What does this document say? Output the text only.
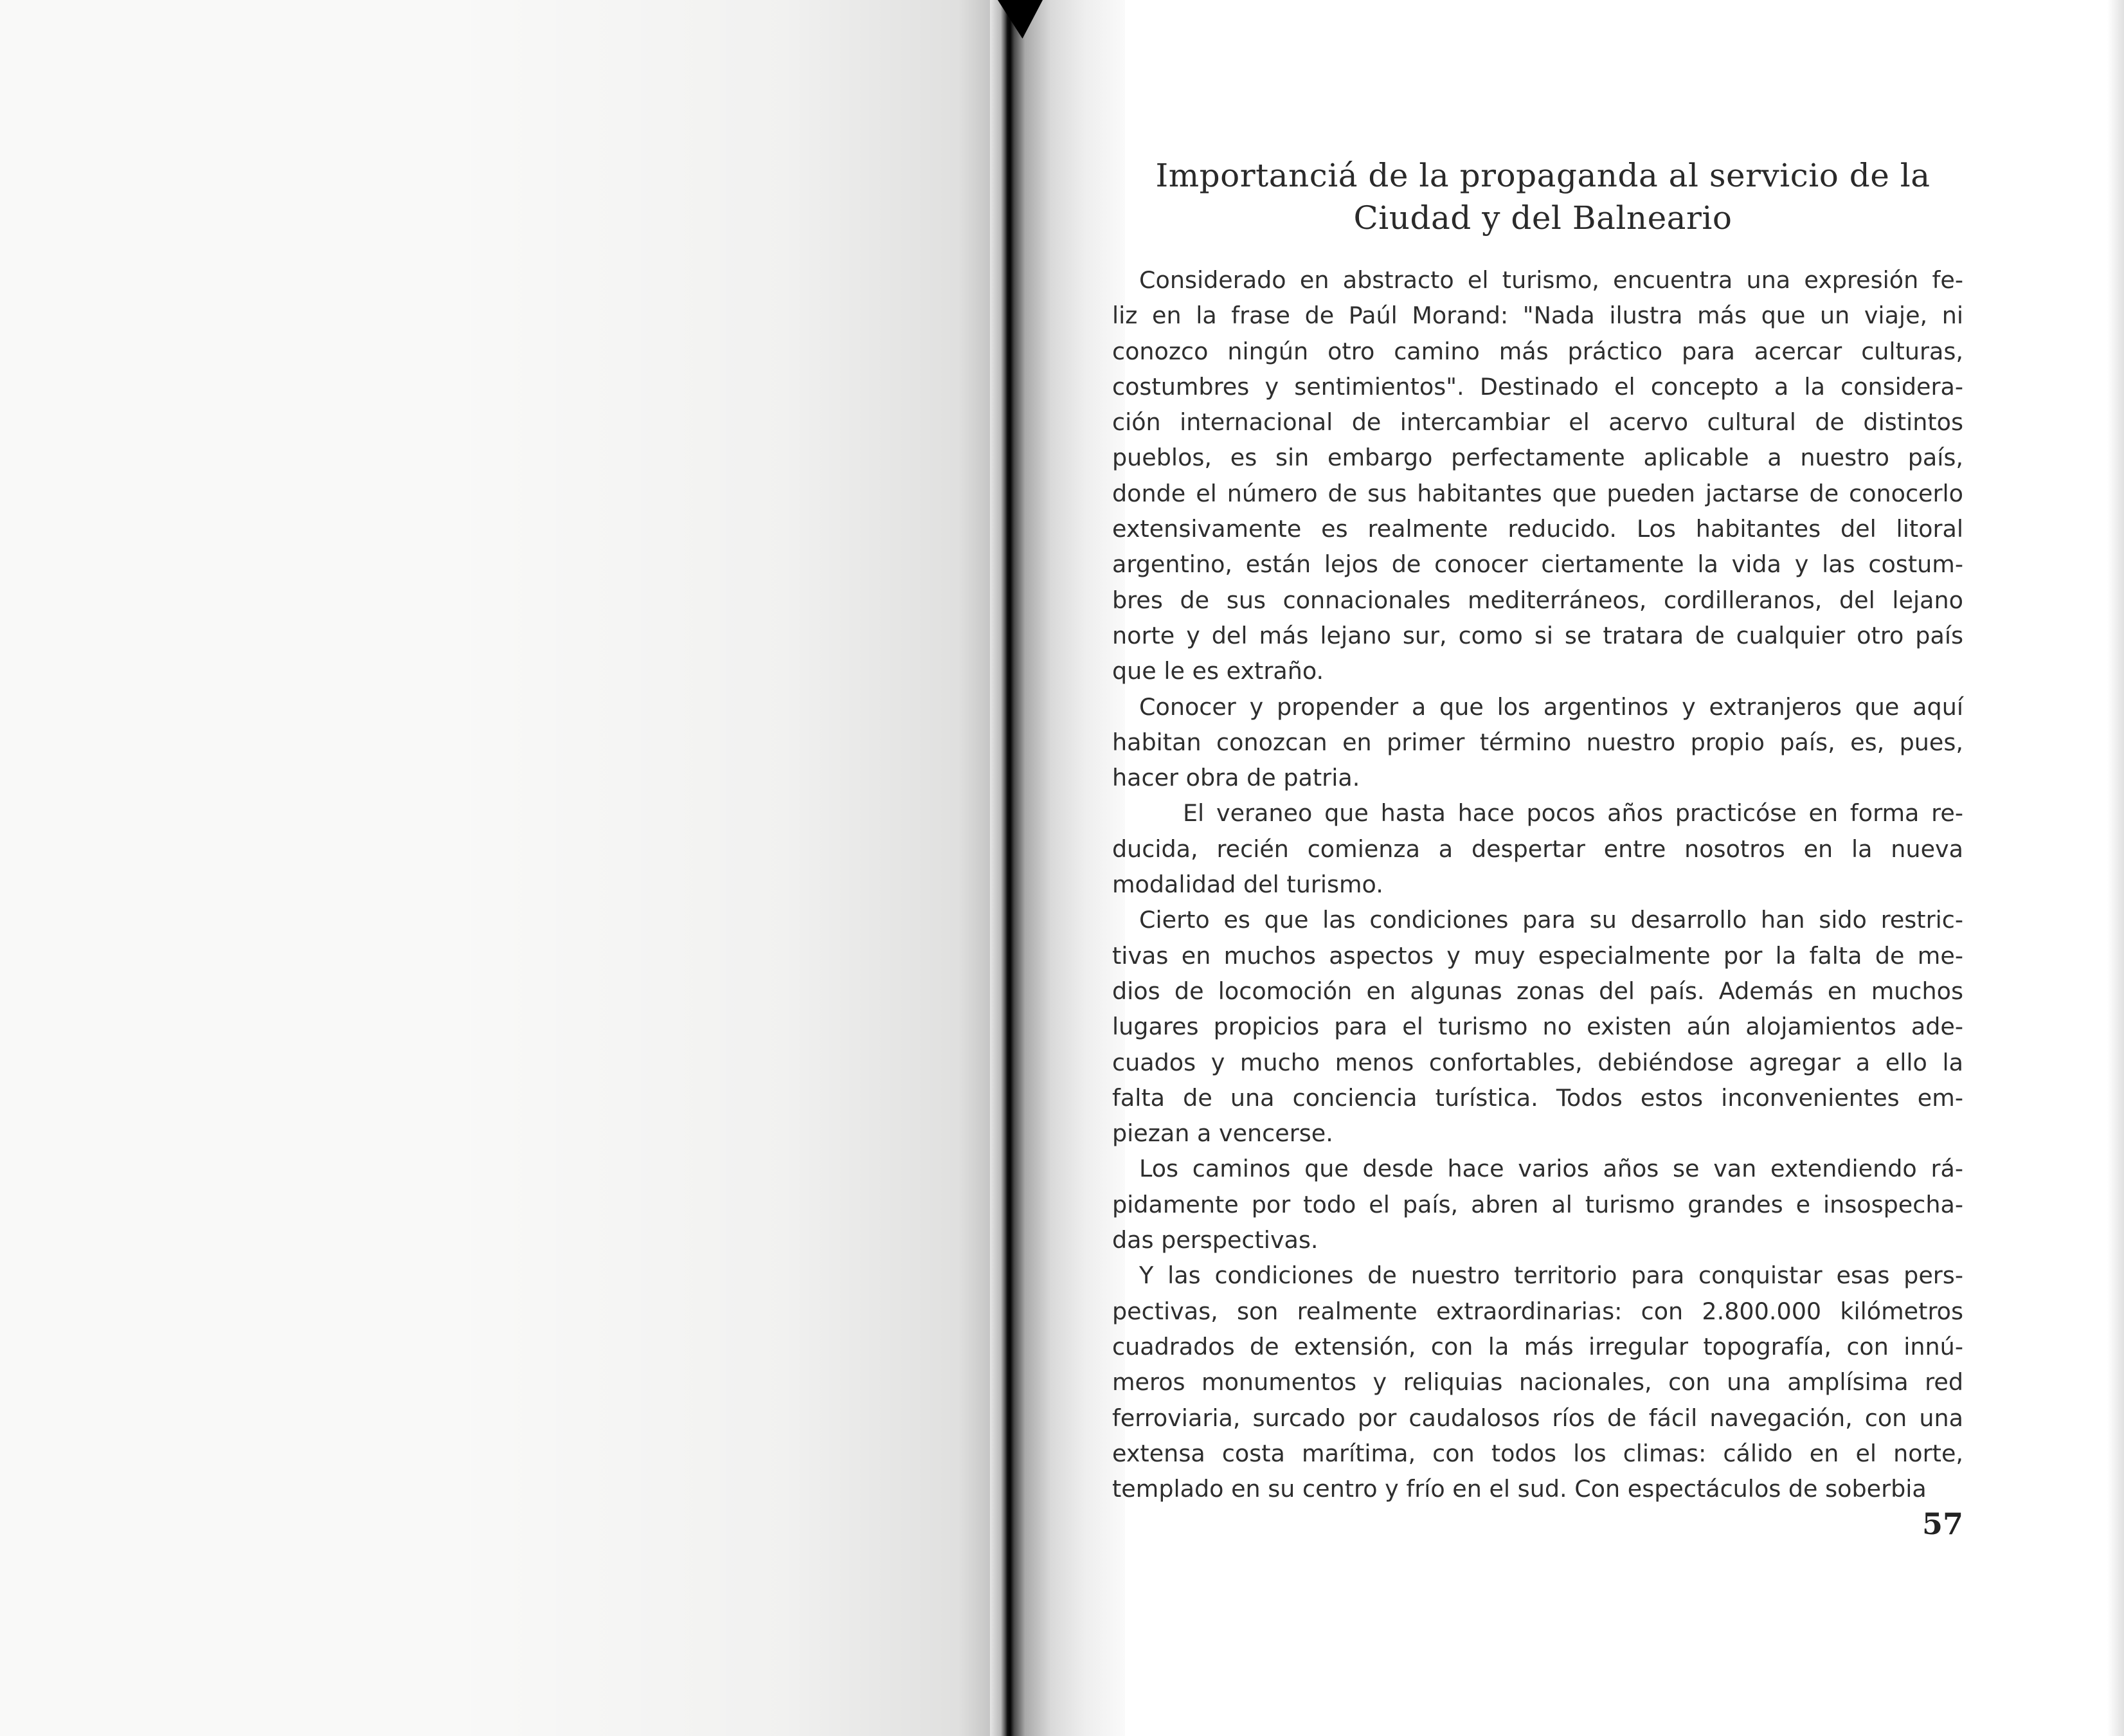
Importanciá de la propaganda al servicio de la
Ciudad y del Balneario
Considerado en abstracto el turismo, encuentra una expresión fe-
liz en la frase de Paúl Morand: "Nada ilustra más que un viaje, ni
conozco ningún otro camino más práctico para acercar culturas,
costumbres y sentimientos". Destinado el concepto a la considera-
ción internacional de intercambiar el acervo cultural de distintos
pueblos, es sin embargo perfectamente aplicable a nuestro país,
donde el número de sus habitantes que pueden jactarse de conocerlo
extensivamente es realmente reducido. Los habitantes del litoral
argentino, están lejos de conocer ciertamente la vida y las costum-
bres de sus connacionales mediterráneos, cordilleranos, del lejano
norte y del más lejano sur, como si se tratara de cualquier otro país
que le es extraño.
Conocer y propender a que los argentinos y extranjeros que aquí
habitan conozcan en primer término nuestro propio país, es, pues,
hacer obra de patria.
El veraneo que hasta hace pocos años practicóse en forma re-
ducida, recién comienza a despertar entre nosotros en la nueva
modalidad del turismo.
Cierto es que las condiciones para su desarrollo han sido restric-
tivas en muchos aspectos y muy especialmente por la falta de me-
dios de locomoción en algunas zonas del país. Además en muchos
lugares propicios para el turismo no existen aún alojamientos ade-
cuados y mucho menos confortables, debiéndose agregar a ello la
falta de una conciencia turística. Todos estos inconvenientes em-
piezan a vencerse.
Los caminos que desde hace varios años se van extendiendo rá-
pidamente por todo el país, abren al turismo grandes e insospecha-
das perspectivas.
Y las condiciones de nuestro territorio para conquistar esas pers-
pectivas, son realmente extraordinarias: con 2.800.000 kilómetros
cuadrados de extensión, con la más irregular topografía, con innú-
meros monumentos y reliquias nacionales, con una amplísima red
ferroviaria, surcado por caudalosos ríos de fácil navegación, con una
extensa costa marítima, con todos los climas: cálido en el norte,
templado en su centro y frío en el sud. Con espectáculos de soberbia
57
